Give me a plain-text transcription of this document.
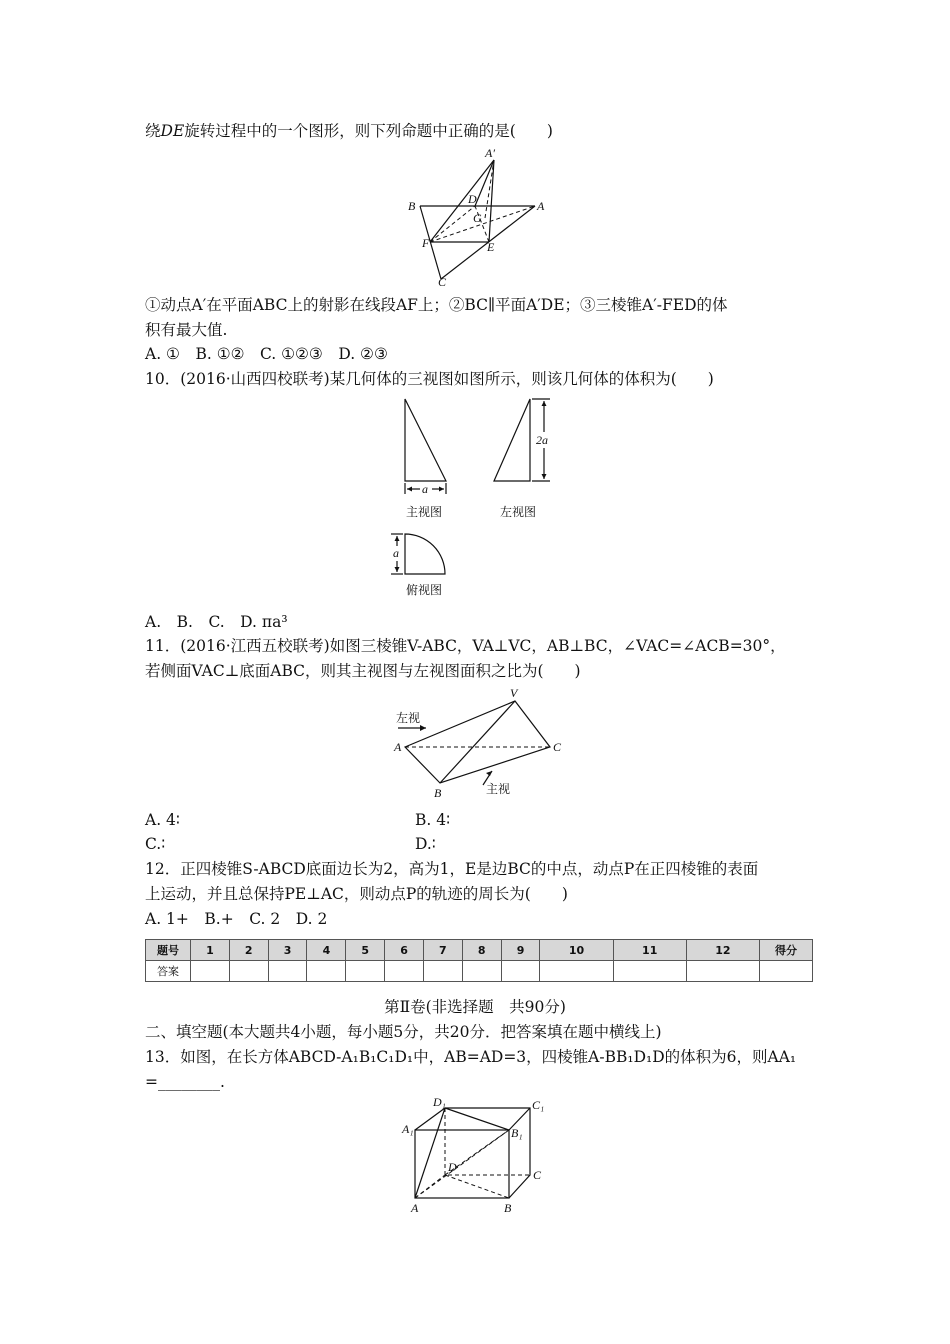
绕DE旋转过程中的一个图形，则下列命题中正确的是(　　)
A′
B	D
G
A
F	E
C
①动点A′在平面ABC上的射影在线段AF上；②BC∥平面A′DE；③三棱锥A′-FED的体
积有最大值.
A. ①　B. ①②　C. ①②③　D. ②③
10．(2016·山西四校联考)某几何体的三视图如图所示，则该几何体的体积为(　　)
a
主视图
2a
左视图
a
俯视图
A.　B.　C.　D. πa³
11．(2016·江西五校联考)如图三棱锥V-ABC，VA⊥VC，AB⊥BC，∠VAC=∠ACB=30°，
若侧面VAC⊥底面ABC，则其主视图与左视图面积之比为(　　)
左视
主视
V
A	C
B
A. 4∶	B. 4∶
C.∶	D.∶
12．正四棱锥S-ABCD底面边长为2，高为1，E是边BC的中点，动点P在正四棱锥的表面
上运动，并且总保持PE⊥AC，则动点P的轨迹的周长为(　　)
A. 1+　B.+　C. 2　D. 2
题号	1	2	3	4	5	6	7	8	9	10	11	12	得分
答案													
第Ⅱ卷(非选择题　共90分)
二、填空题(本大题共4小题，每小题5分，共20分．把答案填在题中横线上)
13．如图，在长方体ABCD-A₁B₁C₁D₁中，AB=AD=3，四棱锥A-BB₁D₁D的体积为6，则AA₁
=________.
D₁	C₁
A₁	B₁
D
C
A	B
